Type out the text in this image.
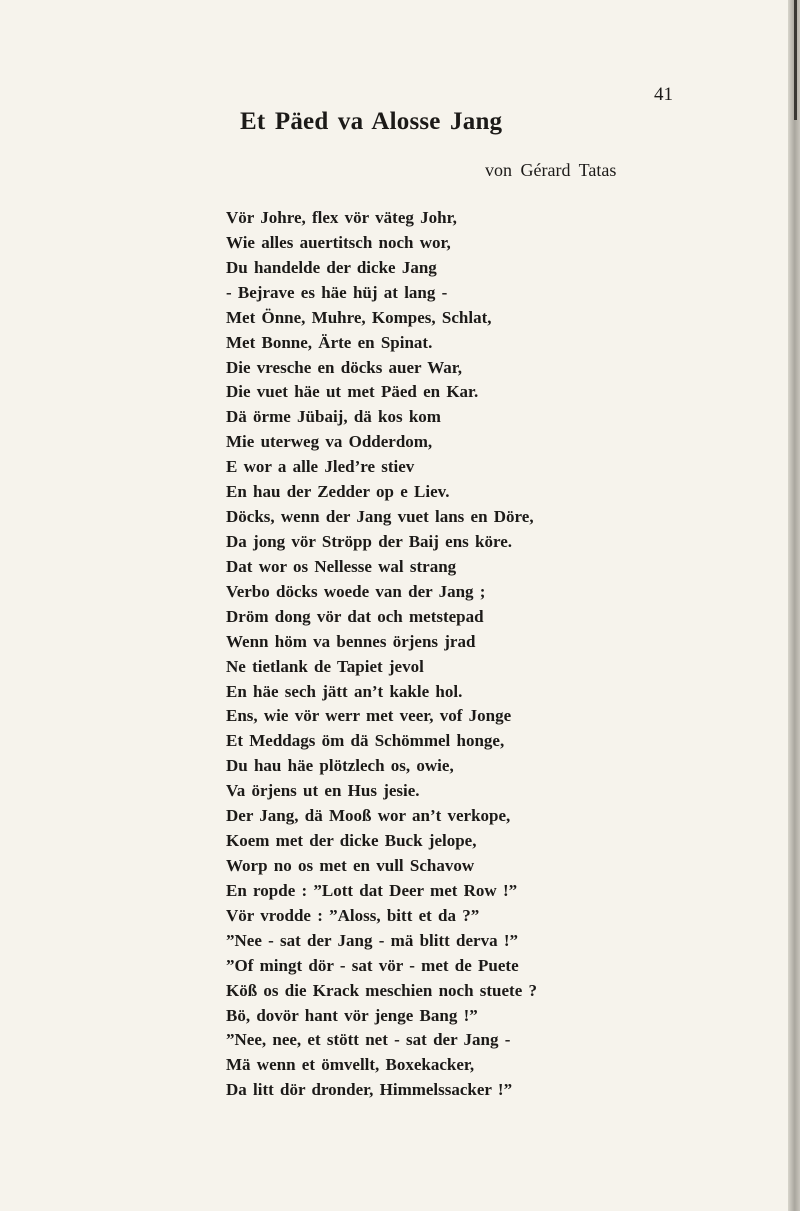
41
Et Päed va Alosse Jang
von Gérard Tatas
Vör Johre, flex vör väteg Johr,
Wie alles auertitsch noch wor,
Du handelde der dicke Jang
- Bejrave es häe hüj at lang -
Met Önne, Muhre, Kompes, Schlat,
Met Bonne, Ärte en Spinat.
Die vresche en döcks auer War,
Die vuet häe ut met Päed en Kar.
Dä örme Jübaij, dä kos kom
Mie uterweg va Odderdom,
E wor a alle Jled’re stiev
En hau der Zedder op e Liev.
Döcks, wenn der Jang vuet lans en Döre,
Da jong vör Ströpp der Baij ens köre.
Dat wor os Nellesse wal strang
Verbo döcks woede van der Jang ;
Dröm dong vör dat och metstepad
Wenn höm va bennes örjens jrad
Ne tietlank de Tapiet jevol
En häe sech jätt an’t kakle hol.
Ens, wie vör werr met veer, vof Jonge
Et Meddags öm dä Schömmel honge,
Du hau häe plötzlech os, owie,
Va örjens ut en Hus jesie.
Der Jang, dä Mooß wor an’t verkope,
Koem met der dicke Buck jelope,
Worp no os met en vull Schavow
En ropde : ”Lott dat Deer met Row !”
Vör vrodde : ”Aloss, bitt et da ?”
”Nee - sat der Jang - mä blitt derva !”
”Of mingt dör - sat vör - met de Puete
Köß os die Krack meschien noch stuete ?
Bö, dovör hant vör jenge Bang !”
”Nee, nee, et stött net - sat der Jang -
Mä wenn et ömvellt, Boxekacker,
Da litt dör dronder, Himmelssacker !”
